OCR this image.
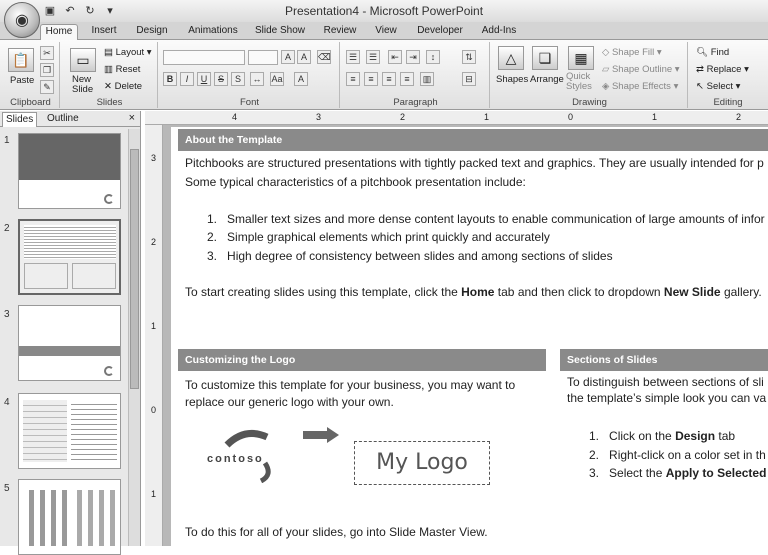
Presentation4 - Microsoft PowerPoint
◉
▣ ↶ ↻	▾
Home	Insert	Design	Animations	Slide Show	Review	View	Developer	Add-Ins
📋
Paste
✂
❐
✎
Clipboard
▭
New Slide
▤ Layout ▾
▥ Reset
✕ Delete
Slides
A	A	⌫
B	I	U	S	S	↔ Aa	A
Font
☰	☰	⇤	⇥	↕	⇅
≡	≡	≡	≡	▥	⊟
Paragraph
△
Shapes
❏
Arrange
▦
Quick Styles
◇ Shape Fill ▾
▱ Shape Outline ▾
◈ Shape Effects ▾
Drawing
🔍︎ Find
⇄ Replace ▾
↖ Select ▾
Editing
Slides	Outline	×
1
2
3
4
5
4	3	2	1	0	1	2
3
2
1
0
1
About the Template
Pitchbooks are structured presentations with tightly packed text and graphics. They are usually intended for p
Some typical characteristics of a pitchbook presentation include:
1. Smaller text sizes and more dense content layouts to enable communication of large amounts of infor
2. Simple graphical elements which print quickly and accurately
3. High degree of consistency between slides and among sections of slides
To start creating slides using this template, click the Home tab and then click to dropdown New Slide gallery.
Customizing the Logo
To customize this template for your business, you may want to
replace our generic logo with your own.
contoso	My Logo
To do this for all of your slides, go into Slide Master View.
Sections of Slides
To distinguish between sections of sli
the template’s simple look you can va
1. Click on the Design tab
2. Right-click on a color set in th
3. Select the Apply to Selected
